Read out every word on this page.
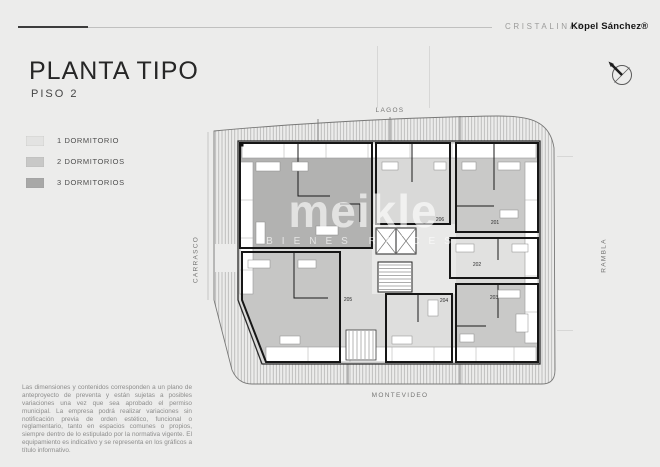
CRISTALINAS
Kopel Sánchez®
PLANTA TIPO
PISO 2
1 DORMITORIO
2 DORMITORIOS
3 DORMITORIOS

Las dimensiones y contenidos corresponden a un plano de anteproyecto de preventa y están sujetas a posibles variaciones una vez que sea aprobado el permiso municipal. La empresa podrá realizar variaciones sin notificación previa de orden estético, funcional o reglamentario, tanto en espacios comunes o propios, siempre dentro de lo estipulado por la normativa vigente. El equipamiento es indicativo y se representa en los gráficos a título informativo.

201
202
203
204
205
206
meikle
BIENES RAÍCES
LAGOS
MONTEVIDEO
CARRASCO	RAMBLA
